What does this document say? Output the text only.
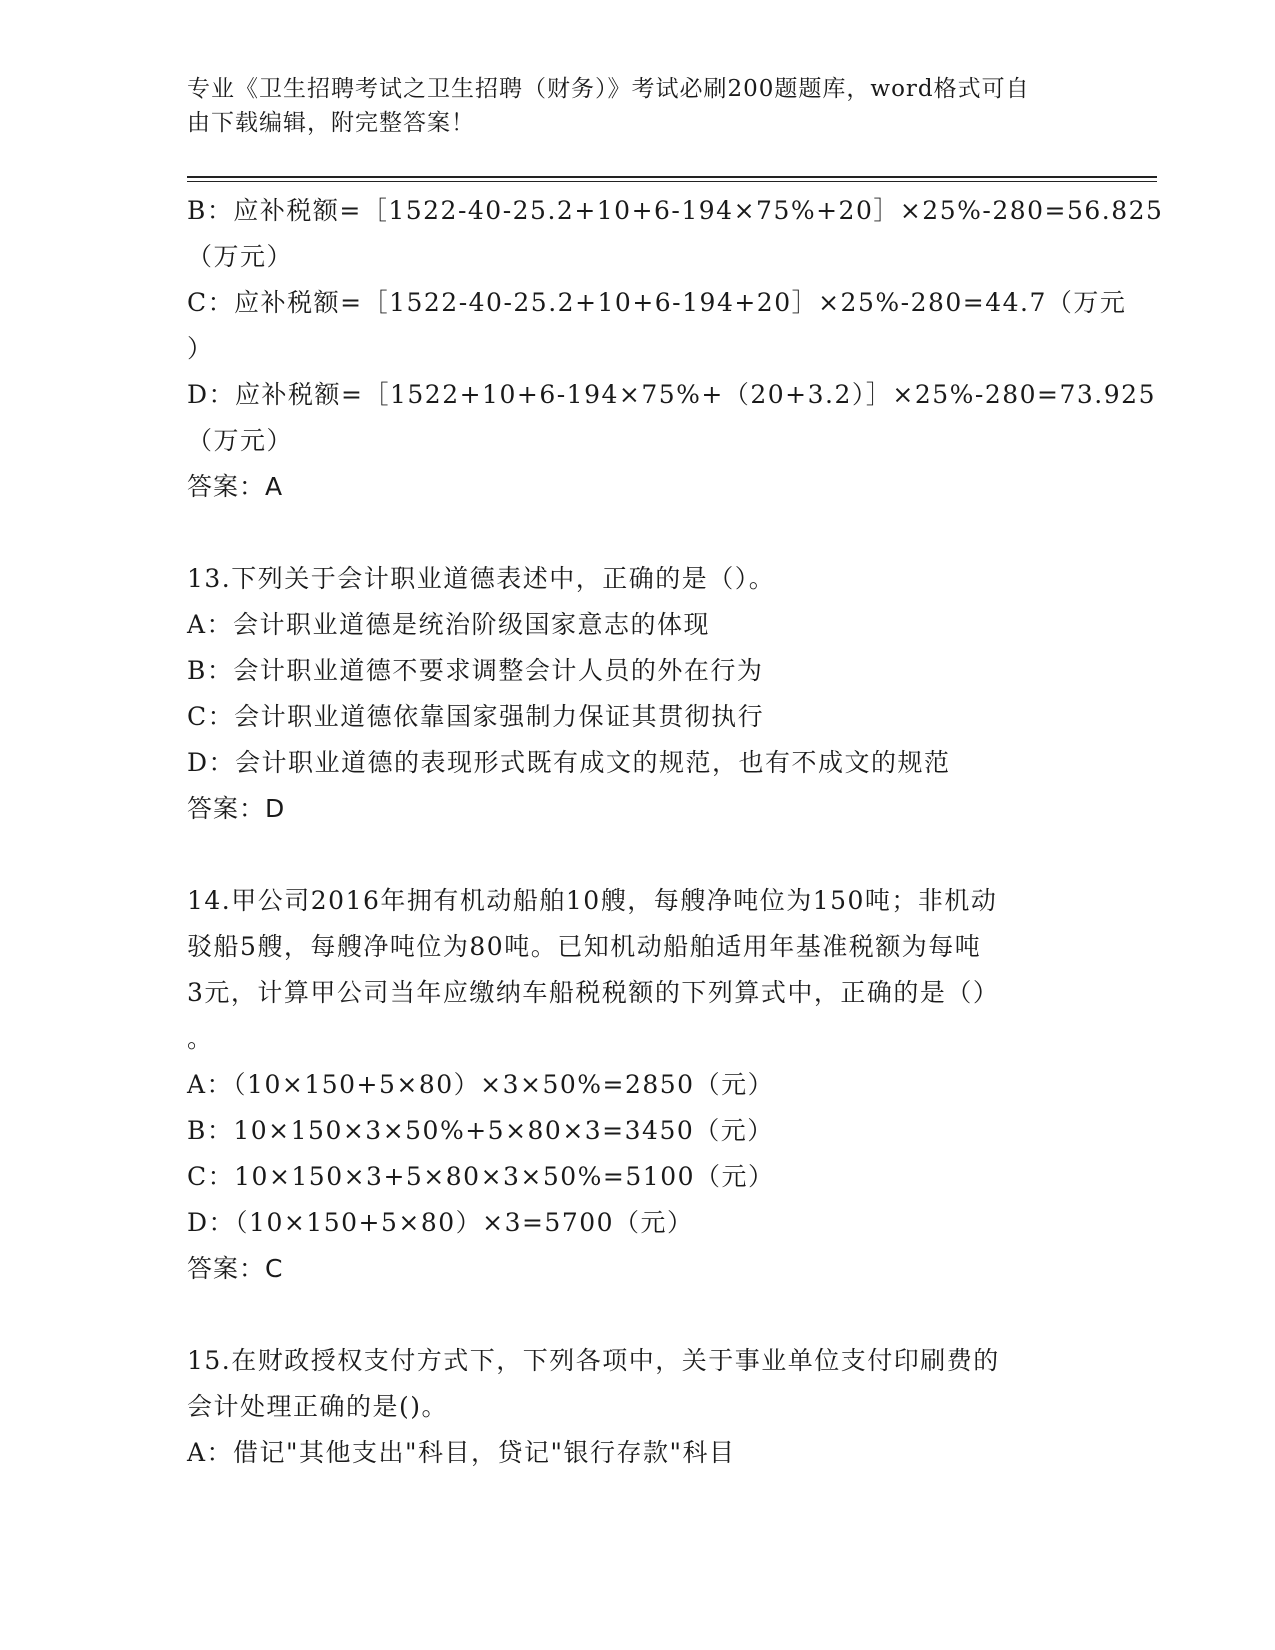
专业《卫生招聘考试之卫生招聘（财务）》考试必刷200题题库，word格式可自
由下载编辑，附完整答案！
B：应补税额=［1522-40-25.2+10+6-194×75%+20］×25%-280=56.825
（万元）
C：应补税额=［1522-40-25.2+10+6-194+20］×25%-280=44.7（万元
）
D：应补税额=［1522+10+6-194×75%+（20+3.2）］×25%-280=73.925
（万元）
答案：A
13.下列关于会计职业道德表述中，正确的是（）。
A：会计职业道德是统治阶级国家意志的体现
B：会计职业道德不要求调整会计人员的外在行为
C：会计职业道德依靠国家强制力保证其贯彻执行
D：会计职业道德的表现形式既有成文的规范，也有不成文的规范
答案：D
14.甲公司2016年拥有机动船舶10艘，每艘净吨位为150吨；非机动
驳船5艘，每艘净吨位为80吨。已知机动船舶适用年基准税额为每吨
3元，计算甲公司当年应缴纳车船税税额的下列算式中，正确的是（）
。
A：（10×150+5×80）×3×50%=2850（元）
B：10×150×3×50%+5×80×3=3450（元）
C：10×150×3+5×80×3×50%=5100（元）
D：（10×150+5×80）×3=5700（元）
答案：C
15.在财政授权支付方式下，下列各项中，关于事业单位支付印刷费的
会计处理正确的是()。
A：借记"其他支出"科目，贷记"银行存款"科目
